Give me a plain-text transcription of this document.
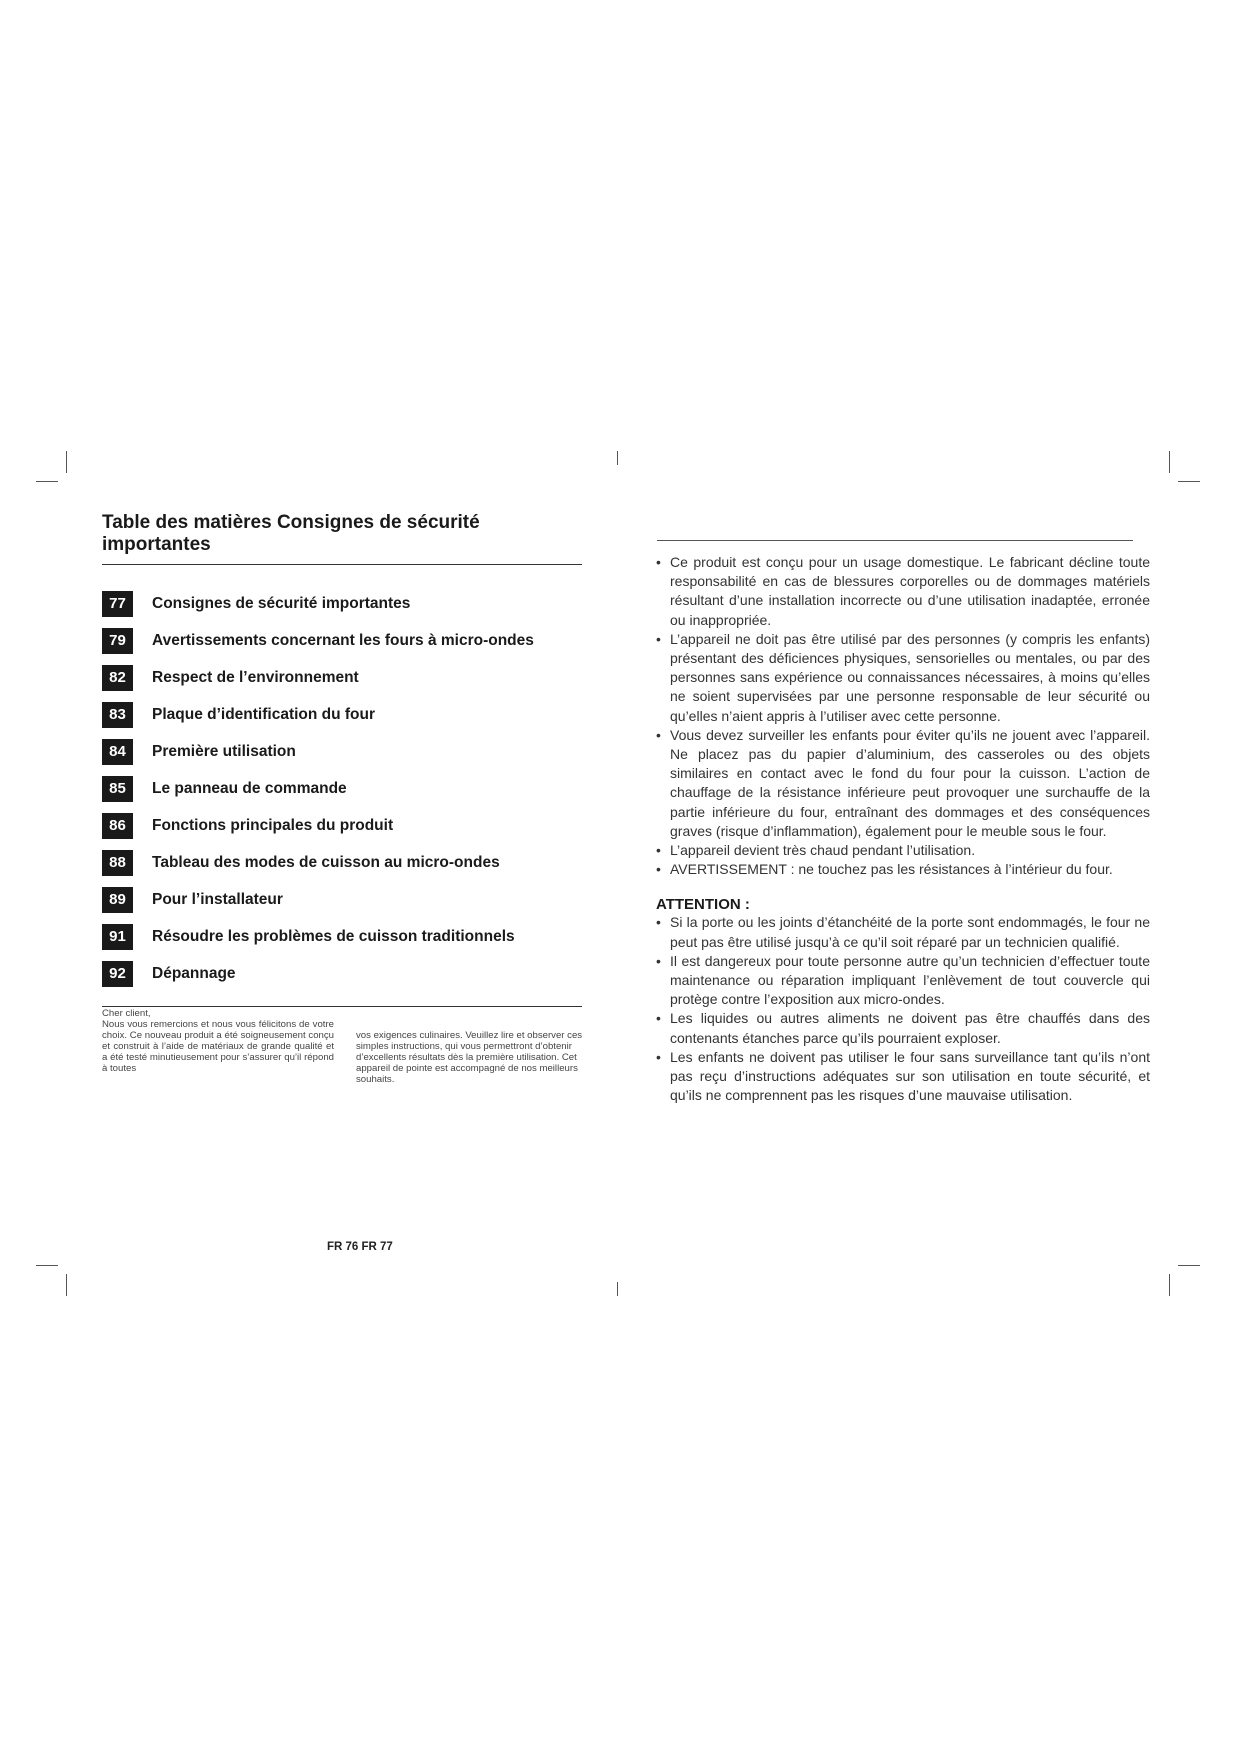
Table des matières Consignes de sécurité importantes
77	Consignes de sécurité importantes
79	Avertissements concernant les fours à micro-ondes
82	Respect de l’environnement
83	Plaque d’identification du four
84	Première utilisation
85	Le panneau de commande
86	Fonctions principales du produit
88	Tableau des modes de cuisson au micro-ondes
89	Pour l’installateur
91	Résoudre les problèmes de cuisson traditionnels
92	Dépannage

Cher client,

Nous vous remercions et nous vous félicitons de votre choix. Ce nouveau produit a été soigneusement conçu et construit à l’aide de matériaux de grande qualité et a été testé minutieusement pour s’assurer qu’il répond à toutes

vos exigences culinaires. Veuillez lire et observer ces simples instructions, qui vous permettront d’obtenir d’excellents résultats dès la première utilisation. Cet appareil de pointe est accompagné de nos meilleurs souhaits.

FR 76 FR 77
• Ce produit est conçu pour un usage domestique. Le fabricant décline toute responsabilité en cas de blessures corporelles ou de dommages matériels résultant d’une installation incorrecte ou d’une utilisation inadaptée, erronée ou inappropriée.
• L’appareil ne doit pas être utilisé par des personnes (y compris les enfants) présentant des déficiences physiques, sensorielles ou mentales, ou par des personnes sans expérience ou connaissances nécessaires, à moins qu’elles ne soient supervisées par une personne responsable de leur sécurité ou qu’elles n’aient appris à l’utiliser avec cette personne.
• Vous devez surveiller les enfants pour éviter qu’ils ne jouent avec l’appareil. Ne placez pas du papier d’aluminium, des casseroles ou des objets similaires en contact avec le fond du four pour la cuisson. L’action de chauffage de la résistance inférieure peut provoquer une surchauffe de la partie inférieure du four, entraînant des dommages et des conséquences graves (risque d’inflammation), également pour le meuble sous le four.
• L’appareil devient très chaud pendant l’utilisation.
• AVERTISSEMENT : ne touchez pas les résistances à l’intérieur du four.

ATTENTION :

• Si la porte ou les joints d’étanchéité de la porte sont endommagés, le four ne peut pas être utilisé jusqu’à ce qu’il soit réparé par un technicien qualifié.
• Il est dangereux pour toute personne autre qu’un technicien d’effectuer toute maintenance ou réparation impliquant l’enlèvement de tout couvercle qui protège contre l’exposition aux micro-ondes.
• Les liquides ou autres aliments ne doivent pas être chauffés dans des contenants étanches parce qu’ils pourraient exploser.
• Les enfants ne doivent pas utiliser le four sans surveillance tant qu’ils n’ont pas reçu d’instructions adéquates sur son utilisation en toute sécurité, et qu’ils ne comprennent pas les risques d’une mauvaise utilisation.
